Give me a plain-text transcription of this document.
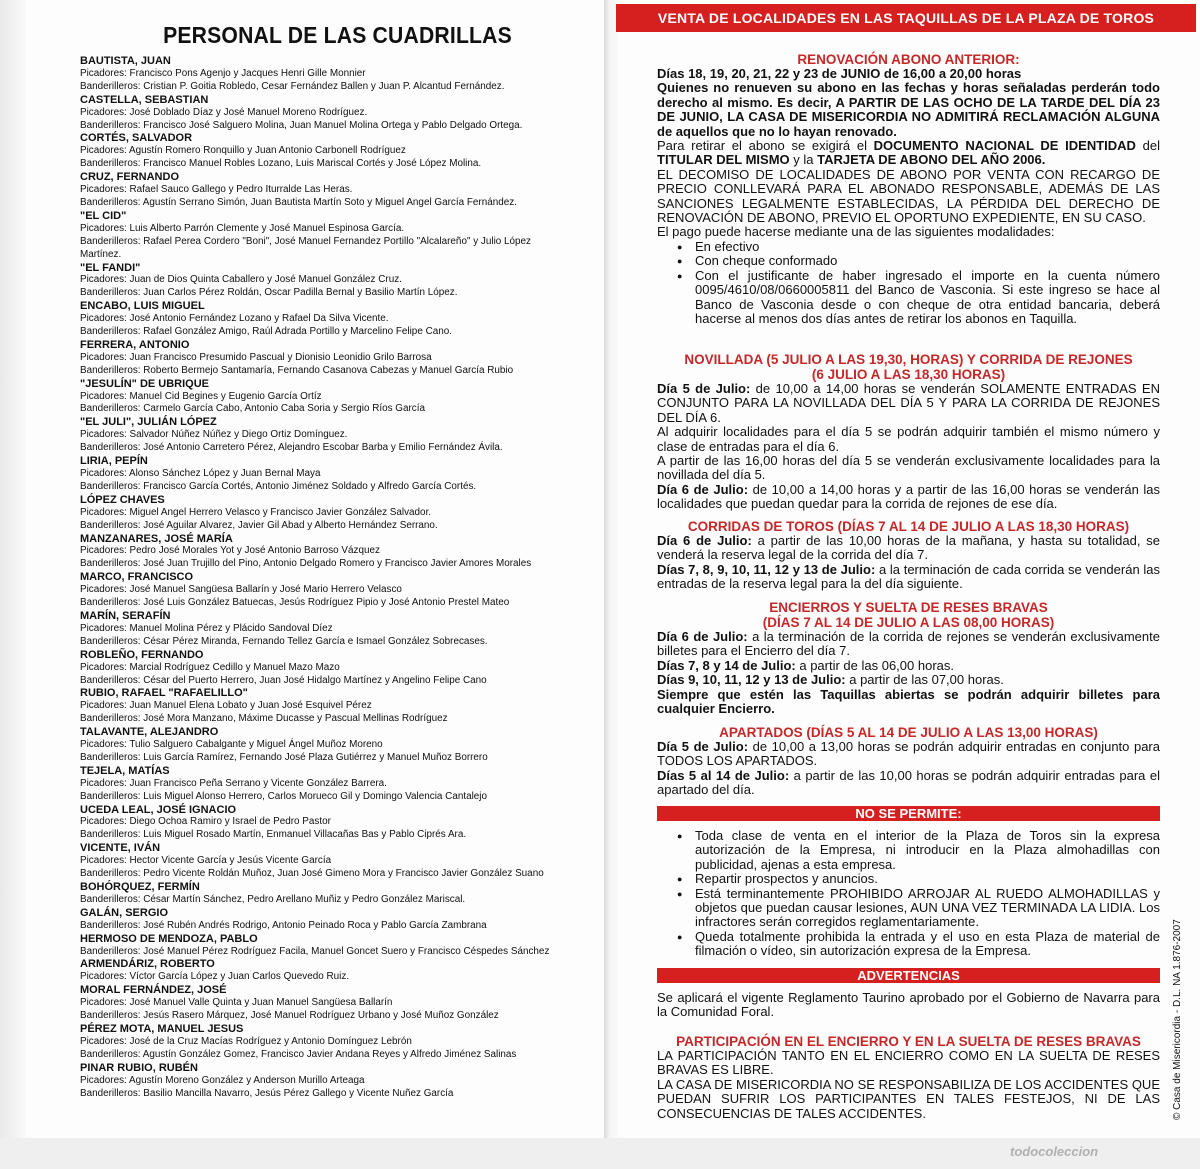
PERSONAL DE LAS CUADRILLAS
BAUTISTA, JUAN
Picadores: Francisco Pons Agenjo y Jacques Henri Gille Monnier
Banderilleros: Cristian P. Goitia Robledo, Cesar Fernández Ballen y Juan P. Alcantud Fernández.
CASTELLA, SEBASTIAN
Picadores: José Doblado Díaz y José Manuel Moreno Rodríguez.
Banderilleros: Francisco José Salguero Molina, Juan Manuel Molina Ortega y Pablo Delgado Ortega.
CORTÉS, SALVADOR
Picadores: Agustín Romero Ronquillo y Juan Antonio Carbonell Rodríguez
Banderilleros: Francisco Manuel Robles Lozano, Luis Mariscal Cortés y José López Molina.
CRUZ, FERNANDO
Picadores: Rafael Sauco Gallego y Pedro Iturralde Las Heras.
Banderilleros: Agustín Serrano Simón, Juan Bautista Martín Soto y Miguel Angel García Fernández.
"EL CID"
Picadores: Luis Alberto Parrón Clemente y José Manuel Espinosa García.
Banderilleros: Rafael Perea Cordero "Boni", José Manuel Fernandez Portillo "Alcalareño" y Julio López
Martínez.
"EL FANDI"
Picadores: Juan de Dios Quinta Caballero y José Manuel González Cruz.
Banderilleros: Juan Carlos Pérez Roldán, Oscar Padilla Bernal y Basilio Martín López.
ENCABO, LUIS MIGUEL
Picadores: José Antonio Fernández Lozano y Rafael Da Silva Vicente.
Banderilleros: Rafael González Amigo, Raúl Adrada Portillo y Marcelino Felipe Cano.
FERRERA, ANTONIO
Picadores: Juan Francisco Presumido Pascual y Dionisio Leonidio Grilo Barrosa
Banderilleros: Roberto Bermejo Santamaría, Fernando Casanova Cabezas y Manuel García Rubio
"JESULÍN" DE UBRIQUE
Picadores: Manuel Cid Begines y Eugenio García Ortíz
Banderilleros: Carmelo García Cabo, Antonio Caba Soria y Sergio Ríos García
"EL JULI", JULIÁN LÓPEZ
Picadores: Salvador Núñez Núñez y Diego Ortiz Domínguez.
Banderilleros: José Antonio Carretero Pérez, Alejandro Escobar Barba y Emilio Fernández Ávila.
LIRIA, PEPÍN
Picadores: Alonso Sánchez López y Juan Bernal Maya
Banderilleros: Francisco García Cortés, Antonio Jiménez Soldado y Alfredo García Cortés.
LÓPEZ CHAVES
Picadores: Miguel Angel Herrero Velasco y Francisco Javier González Salvador.
Banderilleros: José Aguilar Alvarez, Javier Gil Abad y Alberto Hernández Serrano.
MANZANARES, JOSÉ MARÍA
Picadores: Pedro José Morales Yot y José Antonio Barroso Vázquez
Banderilleros: José Juan Trujillo del Pino, Antonio Delgado Romero y Francisco Javier Amores Morales
MARCO, FRANCISCO
Picadores: José Manuel Sangüesa Ballarín y José Mario Herrero Velasco
Banderilleros: José Luis González Batuecas, Jesús Rodríguez Pipio y José Antonio Prestel Mateo
MARÍN, SERAFÍN
Picadores: Manuel Molina Pérez y Plácido Sandoval Díez
Banderilleros: César Pérez Miranda, Fernando Tellez García e Ismael González Sobrecases.
ROBLEÑO, FERNANDO
Picadores: Marcial Rodríguez Cedillo y Manuel Mazo Mazo
Banderilleros: César del Puerto Herrero, Juan José Hidalgo Martínez y Angelino Felipe Cano
RUBIO, RAFAEL "RAFAELILLO"
Picadores: Juan Manuel Elena Lobato y Juan José Esquivel Pérez
Banderilleros: José Mora Manzano, Máxime Ducasse y Pascual Mellinas Rodríguez
TALAVANTE, ALEJANDRO
Picadores: Tulio Salguero Cabalgante y Miguel Ángel Muñoz Moreno
Banderilleros: Luis García Ramírez, Fernando José Plaza Gutiérrez y Manuel Muñoz Borrero
TEJELA, MATÍAS
Picadores: Juan Francisco Peña Serrano y Vicente González Barrera.
Banderilleros: Luis Miguel Alonso Herrero, Carlos Morueco Gil y Domingo Valencia Cantalejo
UCEDA LEAL, JOSÉ IGNACIO
Picadores: Diego Ochoa Ramiro y Israel de Pedro Pastor
Banderilleros: Luis Miguel Rosado Martín, Enmanuel Villacañas Bas y Pablo Ciprés Ara.
VICENTE, IVÁN
Picadores: Hector Vicente García y Jesús Vicente García
Banderilleros: Pedro Vicente Roldán Muñoz, Juan José Gimeno Mora y Francisco Javier González Suano
BOHÓRQUEZ, FERMÍN
Banderilleros: César Martín Sánchez, Pedro Arellano Muñiz y Pedro González Mariscal.
GALÁN, SERGIO
Banderilleros: José Rubén Andrés Rodrigo, Antonio Peinado Roca y Pablo García Zambrana
HERMOSO DE MENDOZA, PABLO
Banderilleros: José Manuel Pérez Rodríguez Facila, Manuel Goncet Suero y Francisco Céspedes Sánchez
ARMENDÁRIZ, ROBERTO
Picadores: Víctor García López y Juan Carlos Quevedo Ruiz.
MORAL FERNÁNDEZ, JOSÉ
Picadores: José Manuel Valle Quinta y Juan Manuel Sangüesa Ballarín
Banderilleros: Jesús Rasero Márquez, José Manuel Rodríguez Urbano y José Muñoz González
PÉREZ MOTA, MANUEL JESUS
Picadores: José de la Cruz Macías Rodríguez y Antonio Domínguez Lebrón
Banderilleros: Agustín González Gomez, Francisco Javier Andana Reyes y Alfredo Jiménez Salinas
PINAR RUBIO, RUBÉN
Picadores: Agustín Moreno González y Anderson Murillo Arteaga
Banderilleros: Basilio Mancilla Navarro, Jesús Pérez Gallego y Vicente Nuñez García
VENTA DE LOCALIDADES EN LAS TAQUILLAS DE LA PLAZA DE TOROS
RENOVACIÓN ABONO ANTERIOR:

Días 18, 19, 20, 21, 22 y 23 de JUNIO de 16,00 a 20,00 horas

Quienes no renueven su abono en las fechas y horas señaladas perderán todo derecho al mismo. Es decir, A PARTIR DE LAS OCHO DE LA TARDE DEL DÍA 23 DE JUNIO, LA CASA DE MISERICORDIA NO ADMITIRÁ RECLAMACIÓN ALGUNA de aquellos que no lo hayan renovado.

Para retirar el abono se exigirá el DOCUMENTO NACIONAL DE IDENTIDAD del TITULAR DEL MISMO y la TARJETA DE ABONO DEL AÑO 2006.

EL DECOMISO DE LOCALIDADES DE ABONO POR VENTA CON RECARGO DE PRECIO CONLLEVARÁ PARA EL ABONADO RESPONSABLE, ADEMÁS DE LAS SANCIONES LEGALMENTE ESTABLECIDAS, LA PÉRDIDA DEL DERECHO DE RENOVACIÓN DE ABONO, PREVIO EL OPORTUNO EXPEDIENTE, EN SU CASO.

El pago puede hacerse mediante una de las siguientes modalidades:

● En efectivo

● Con cheque conformado

● Con el justificante de haber ingresado el importe en la cuenta número 0095/4610/08/0660005811 del Banco de Vasconia. Si este ingreso se hace al Banco de Vasconia desde o con cheque de otra entidad bancaria, deberá hacerse al menos dos días antes de retirar los abonos en Taquilla.

NOVILLADA (5 JULIO A LAS 19,30, HORAS) Y CORRIDA DE REJONES
(6 JULIO A LAS 18,30 HORAS)

Día 5 de Julio: de 10,00 a 14,00 horas se venderán SOLAMENTE ENTRADAS EN CONJUNTO PARA LA NOVILLADA DEL DÍA 5 Y PARA LA CORRIDA DE REJONES DEL DÍA 6.

Al adquirir localidades para el día 5 se podrán adquirir también el mismo número y clase de entradas para el día 6.

A partir de las 16,00 horas del día 5 se venderán exclusivamente localidades para la novillada del día 5.

Día 6 de Julio: de 10,00 a 14,00 horas y a partir de las 16,00 horas se venderán las localidades que puedan quedar para la corrida de rejones de ese día.

CORRIDAS DE TOROS (DÍAS 7 AL 14 DE JULIO A LAS 18,30 HORAS)

Día 6 de Julio: a partir de las 10,00 horas de la mañana, y hasta su totalidad, se venderá la reserva legal de la corrida del día 7.

Días 7, 8, 9, 10, 11, 12 y 13 de Julio: a la terminación de cada corrida se venderán las entradas de la reserva legal para la del día siguiente.

ENCIERROS Y SUELTA DE RESES BRAVAS
(DÍAS 7 AL 14 DE JULIO A LAS 08,00 HORAS)

Día 6 de Julio: a la terminación de la corrida de rejones se venderán exclusivamente billetes para el Encierro del día 7.

Días 7, 8 y 14 de Julio: a partir de las 06,00 horas.

Días 9, 10, 11, 12 y 13 de Julio: a partir de las 07,00 horas.

Siempre que estén las Taquillas abiertas se podrán adquirir billetes para cualquier Encierro.

APARTADOS (DÍAS 5 AL 14 DE JULIO A LAS 13,00 HORAS)

Día 5 de Julio: de 10,00 a 13,00 horas se podrán adquirir entradas en conjunto para TODOS LOS APARTADOS.

Días 5 al 14 de Julio: a partir de las 10,00 horas se podrán adquirir entradas para el apartado del día.

NO SE PERMITE:

● Toda clase de venta en el interior de la Plaza de Toros sin la expresa autorización de la Empresa, ni introducir en la Plaza almohadillas con publicidad, ajenas a esta empresa.

● Repartir prospectos y anuncios.

● Está terminantemente PROHIBIDO ARROJAR AL RUEDO ALMOHADILLAS y objetos que puedan causar lesiones, AUN UNA VEZ TERMINADA LA LIDIA. Los infractores serán corregidos reglamentariamente.

● Queda totalmente prohibida la entrada y el uso en esta Plaza de material de filmación o vídeo, sin autorización expresa de la Empresa.

ADVERTENCIAS

Se aplicará el vigente Reglamento Taurino aprobado por el Gobierno de Navarra para la Comunidad Foral.

PARTICIPACIÓN EN EL ENCIERRO Y EN LA SUELTA DE RESES BRAVAS

LA PARTICIPACIÓN TANTO EN EL ENCIERRO COMO EN LA SUELTA DE RESES BRAVAS ES LIBRE.

LA CASA DE MISERICORDIA NO SE RESPONSABILIZA DE LOS ACCIDENTES QUE PUEDAN SUFRIR LOS PARTICIPANTES EN TALES FESTEJOS, NI DE LAS CONSECUENCIAS DE TALES ACCIDENTES.	© Casa de Misericordia - D.L. NA 1.876-2007
todocoleccion
